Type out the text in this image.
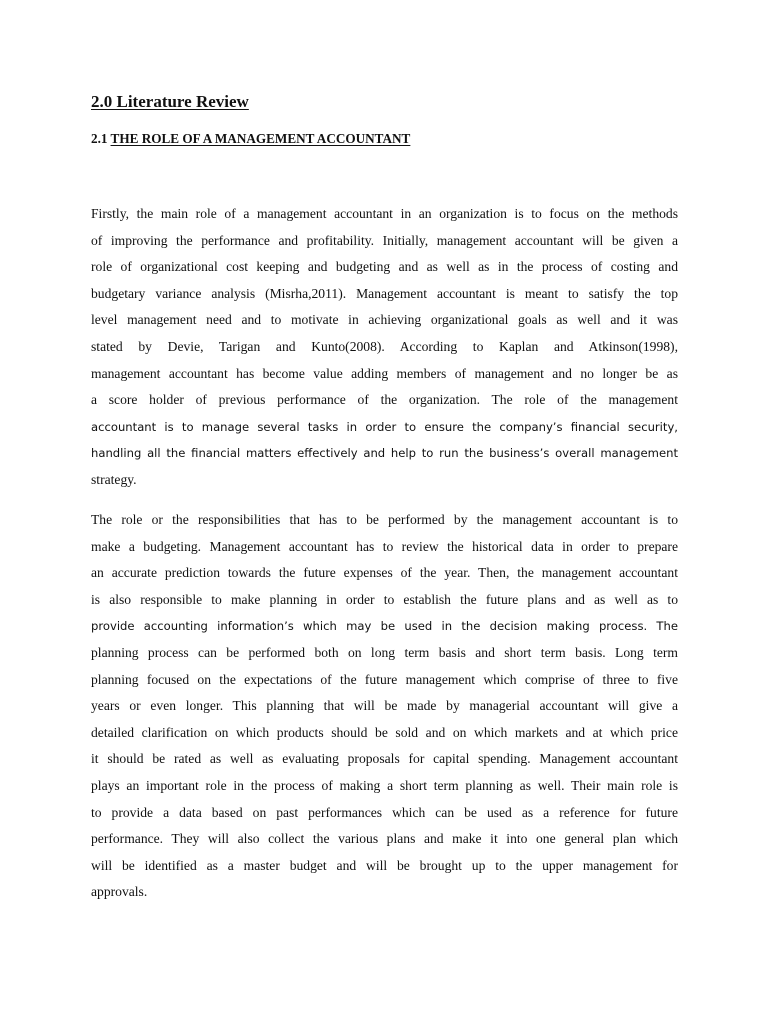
2.0 Literature Review
2.1 THE ROLE OF A MANAGEMENT ACCOUNTANT

Firstly, the main role of a management accountant in an organization is to focus on the methods
of improving the performance and profitability. Initially, management accountant will be given a
role of organizational cost keeping and budgeting and as well as in the process of costing and
budgetary variance analysis (Misrha,2011). Management accountant is meant to satisfy the top
level management need and to motivate in achieving organizational goals as well and it was
stated by Devie, Tarigan and Kunto(2008). According to Kaplan and Atkinson(1998),
management accountant has become value adding members of management and no longer be as
a score holder of previous performance of the organization. The role of the management
accountant is to manage several tasks in order to ensure the company’s financial security,
handling all the financial matters effectively and help to run the business’s overall management
strategy.

The role or the responsibilities that has to be performed by the management accountant is to
make a budgeting. Management accountant has to review the historical data in order to prepare
an accurate prediction towards the future expenses of the year. Then, the management accountant
is also responsible to make planning in order to establish the future plans and as well as to
provide accounting information’s which may be used in the decision making process. The
planning process can be performed both on long term basis and short term basis. Long term
planning focused on the expectations of the future management which comprise of three to five
years or even longer. This planning that will be made by managerial accountant will give a
detailed clarification on which products should be sold and on which markets and at which price
it should be rated as well as evaluating proposals for capital spending. Management accountant
plays an important role in the process of making a short term planning as well. Their main role is
to provide a data based on past performances which can be used as a reference for future
performance. They will also collect the various plans and make it into one general plan which
will be identified as a master budget and will be brought up to the upper management for
approvals.
